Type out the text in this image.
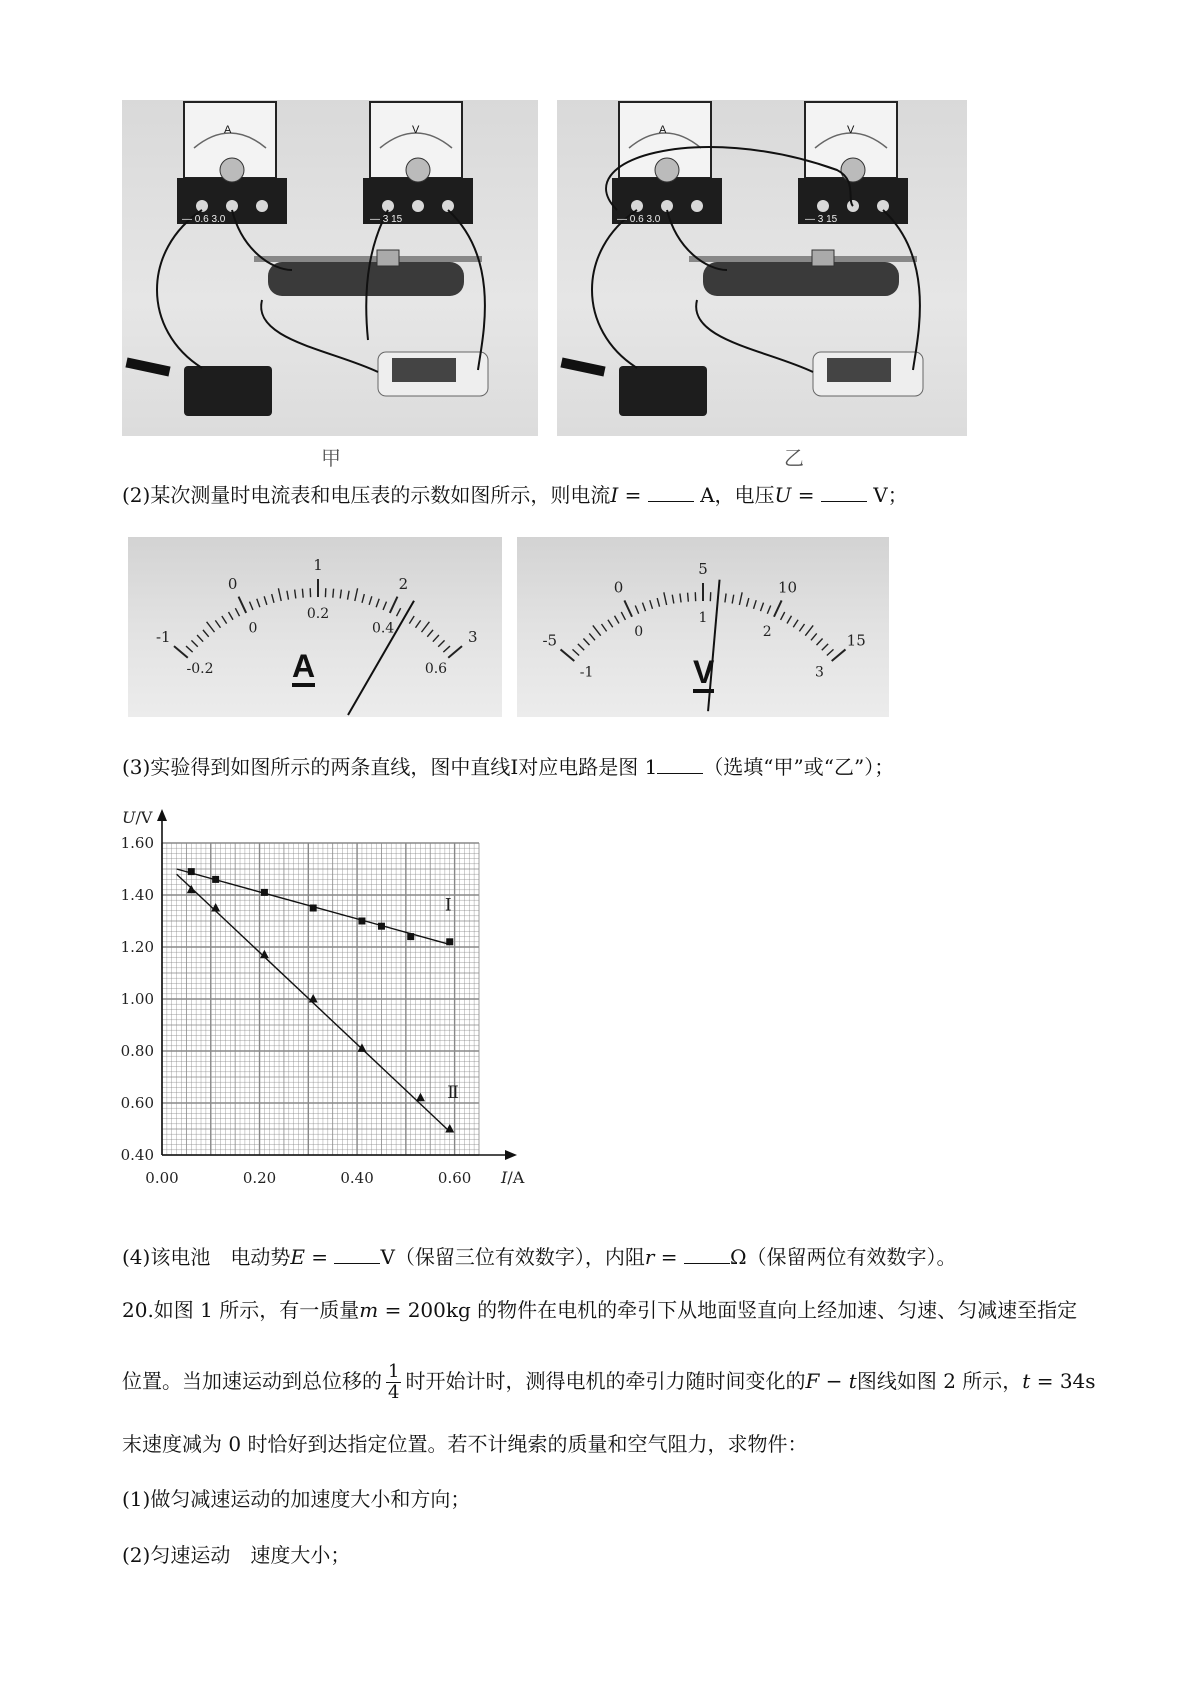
A	V
— 0.6 3.0	— 3 15
甲
A	V
— 0.6 3.0	— 3 15
乙
(2)某次测量时电流表和电压表的示数如图所示，则电流I =	A，电压U =	V；
-1
0
1
2
3
-0.2
0
0.2
0.4
0.6
A
-5
0
5
10
15
-1
0
1
2
3
V
(3)实验得到如图所示的两条直线，图中直线Ⅰ对应电路是图 1 （选填“甲”或“乙”）；
0.00	0.20	0.40	0.60
0.40
0.60
0.80
1.00
1.20
1.40
1.60
I/A
U/V
Ⅰ
Ⅱ
(4)该电池　电动势E = V（保留三位有效数字），内阻r = Ω（保留两位有效数字）。
20.如图 1 所示，有一质量m = 200kg 的物件在电机的牵引下从地面竖直向上经加速、匀速、匀减速至指定
位置。当加速运动到总位移的 $\frac{1}{4}$ 时开始计时，测得电机的牵引力随时间变化的F − t图线如图 2 所示，t = 34s
末速度减为 0 时恰好到达指定位置。若不计绳索的质量和空气阻力，求物件：
(1)做匀减速运动的加速度大小和方向；
(2)匀速运动　速度大小；
